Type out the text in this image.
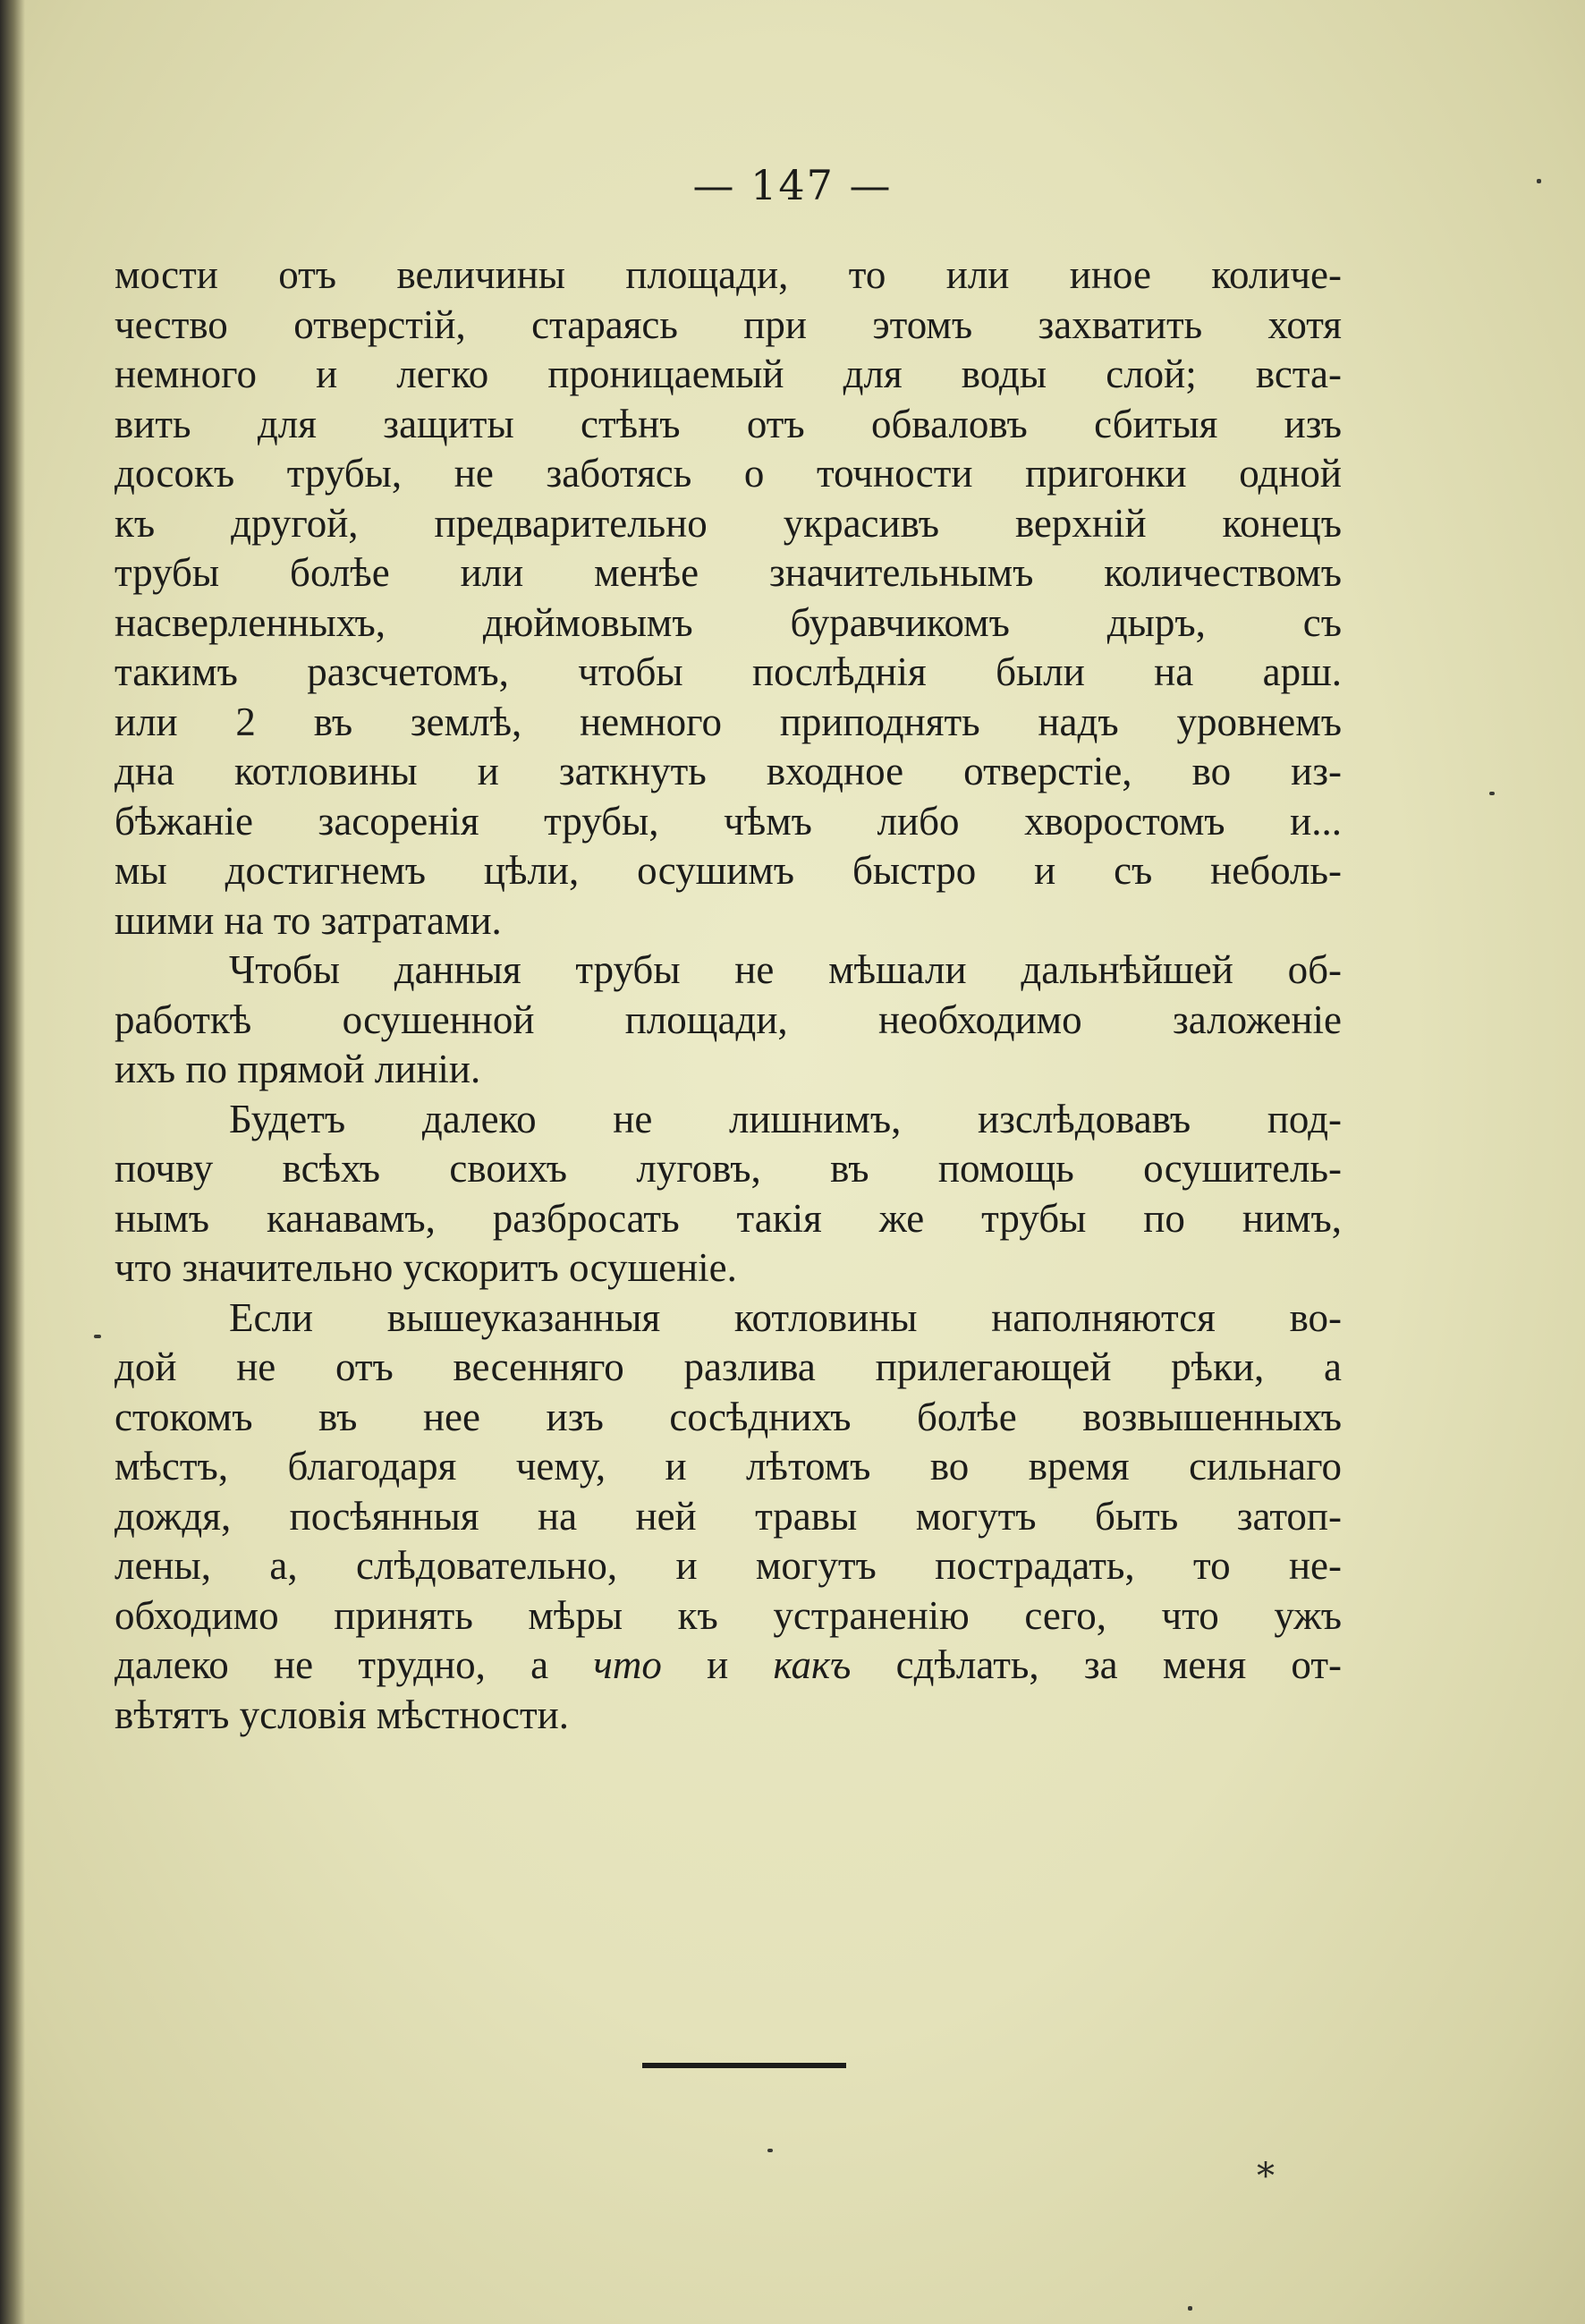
— 147 —
мости отъ величины площади, то или иное количе-
чество отверстій, стараясь при этомъ захватить хотя
немного и легко проницаемый для воды слой; вста-
вить для защиты стѣнъ отъ обваловъ сбитыя изъ
досокъ трубы, не заботясь о точности пригонки одной
къ другой, предварительно украсивъ верхній конецъ
трубы болѣе или менѣе значительнымъ количествомъ
насверленныхъ, дюймовымъ буравчикомъ дыръ, съ
такимъ разсчетомъ, чтобы послѣднія были на арш.
или 2 въ землѣ, немного приподнять надъ уровнемъ
дна котловины и заткнуть входное отверстіе, во из-
бѣжаніе засоренія трубы, чѣмъ либо хворостомъ и...
мы достигнемъ цѣли, осушимъ быстро и съ неболь-
шими на то затратами.
Чтобы данныя трубы не мѣшали дальнѣйшей об-
работкѣ осушенной площади, необходимо заложеніе
ихъ по прямой линіи.
Будетъ далеко не лишнимъ, изслѣдовавъ под-
почву всѣхъ своихъ луговъ, въ помощь осушитель-
нымъ канавамъ, разбросать такія же трубы по нимъ,
что значительно ускоритъ осушеніе.
Если вышеуказанныя котловины наполняются во-
дой не отъ весенняго разлива прилегающей рѣки, а
стокомъ въ нее изъ сосѣднихъ болѣе возвышенныхъ
мѣстъ, благодаря чему, и лѣтомъ во время сильнаго
дождя, посѣянныя на ней травы могутъ быть затоп-
лены, а, слѣдовательно, и могутъ пострадать, то не-
обходимо принять мѣры къ устраненію сего, что ужъ
далеко не трудно, а что и какъ сдѣлать, за меня от-
вѣтятъ условія мѣстности.
*
